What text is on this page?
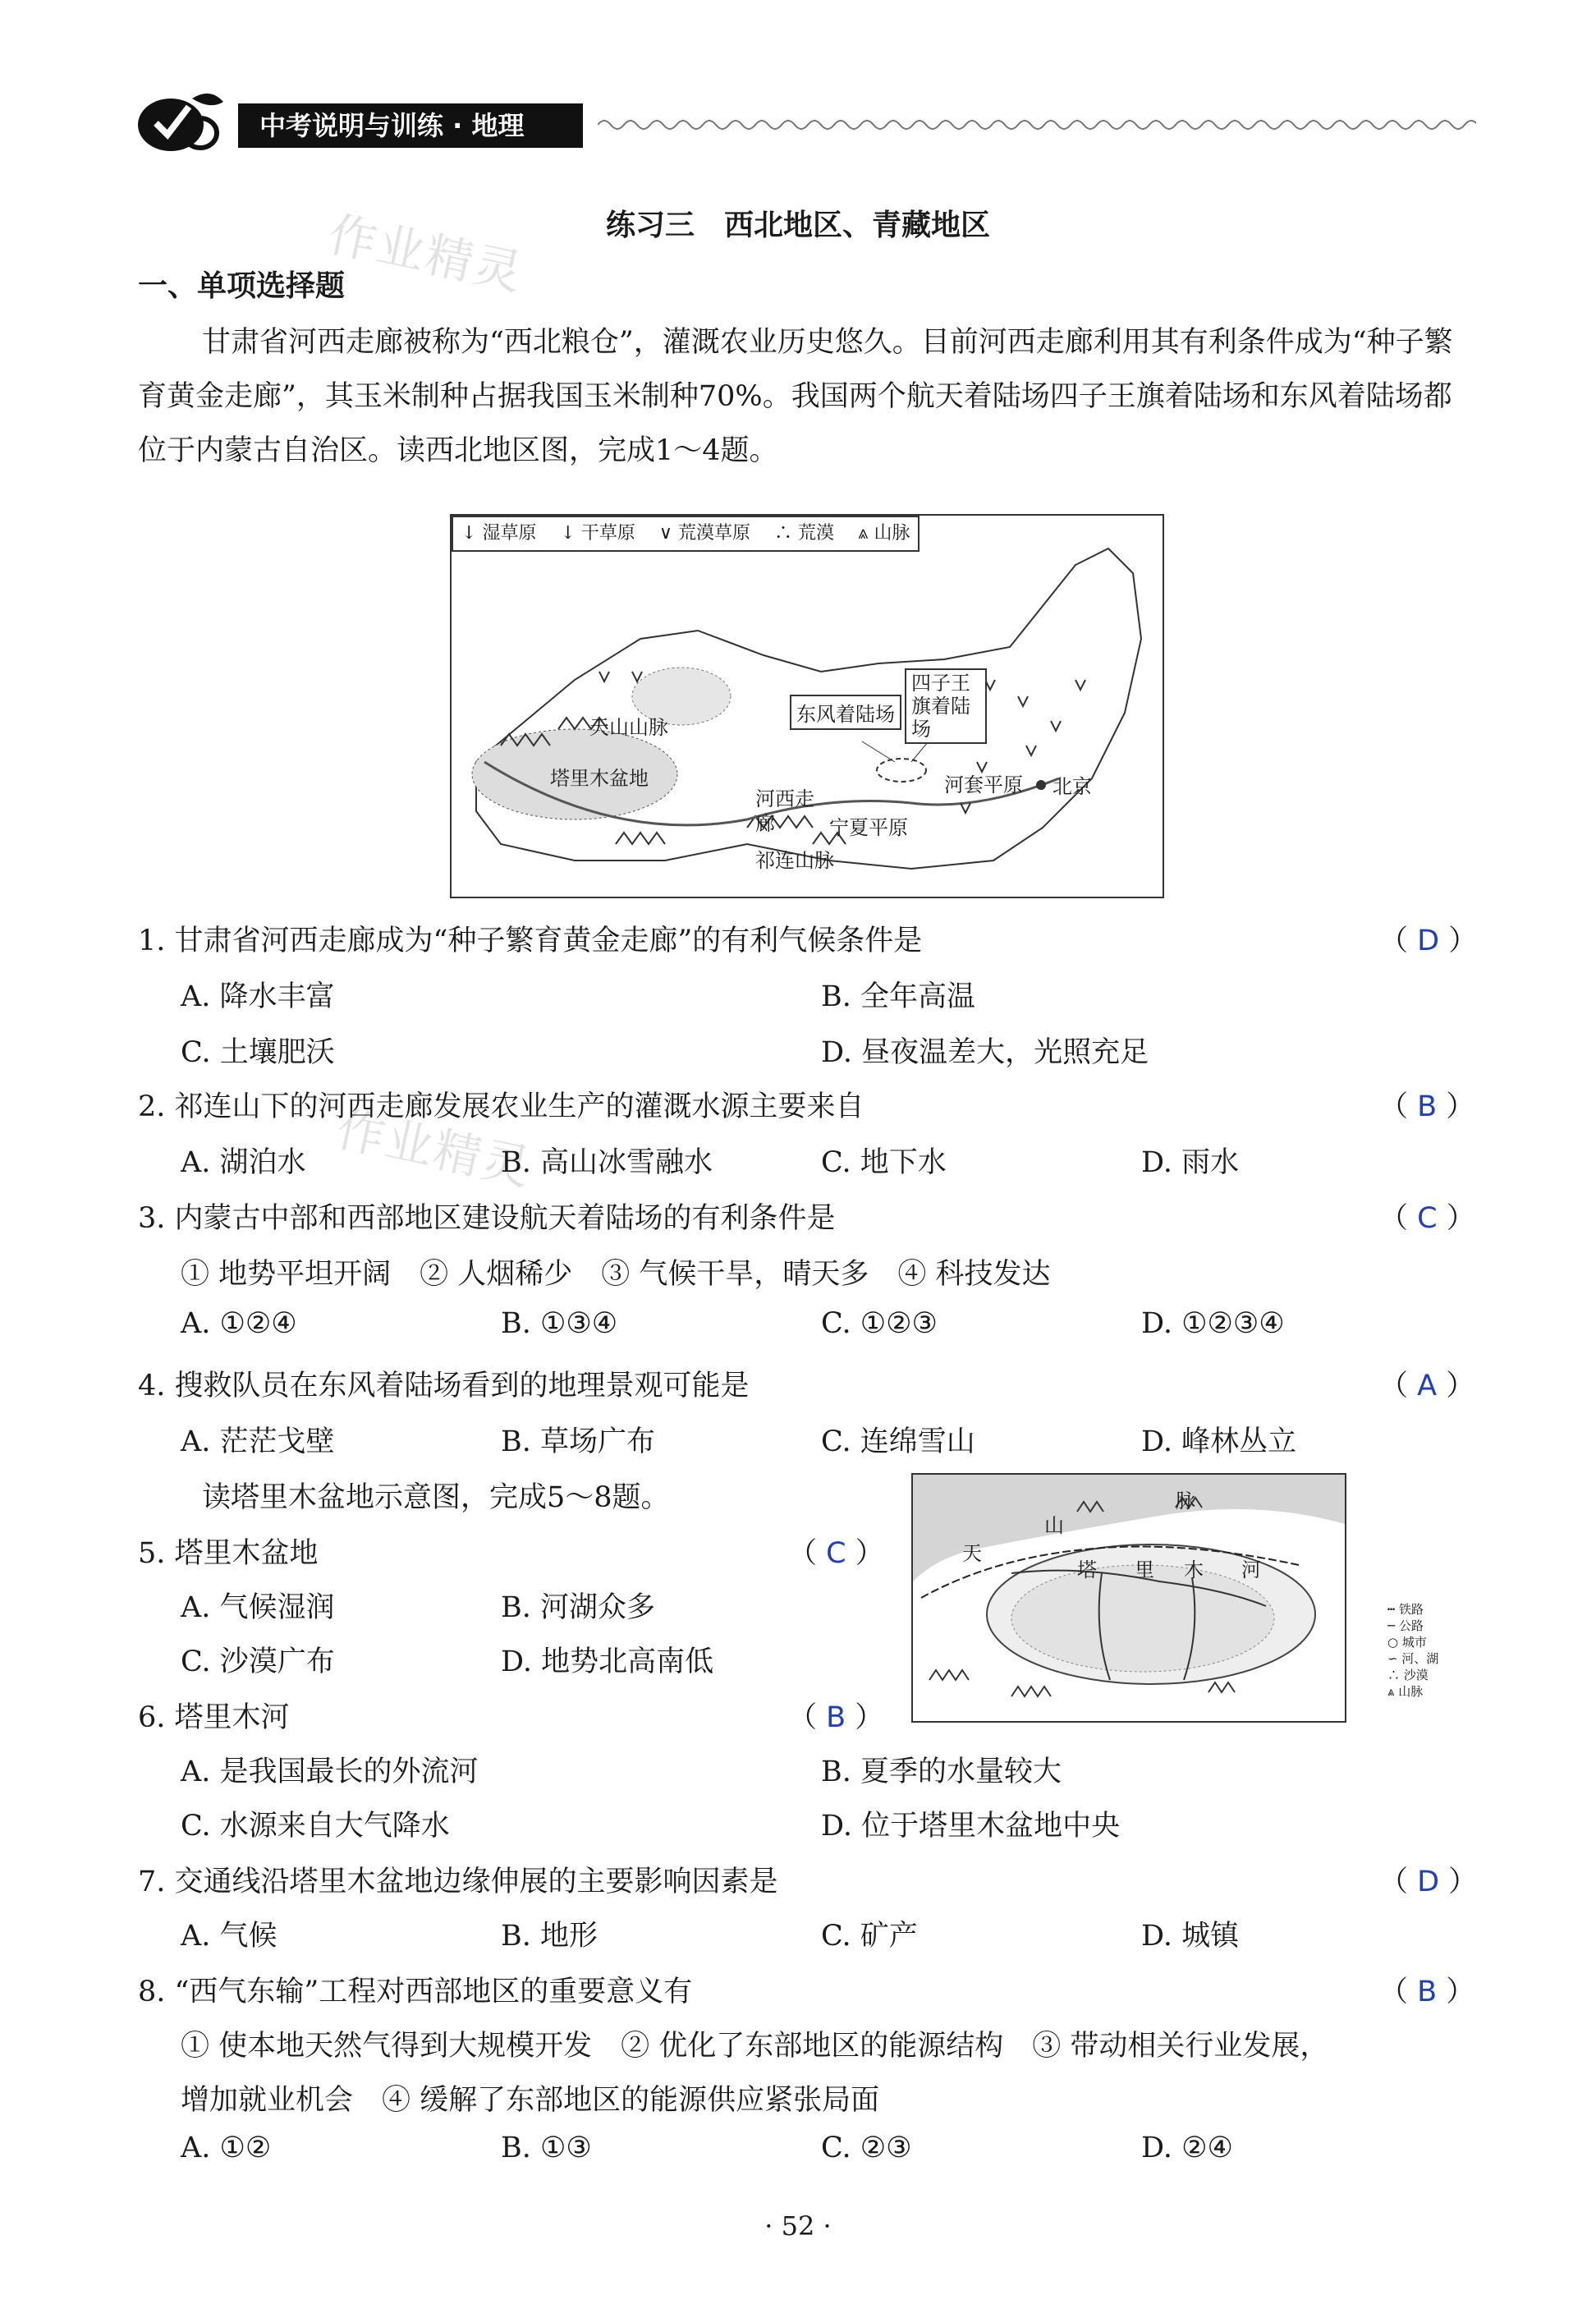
中考说明与训练 · 地理
作业精灵
作业精灵
练习三　西北地区、青藏地区
一、单项选择题
甘肃省河西走廊被称为“西北粮仓”，灌溉农业历史悠久。目前河西走廊利用其有利条件成为“种子繁育黄金走廊”，其玉米制种占据我国玉米制种70%。我国两个航天着陆场四子王旗着陆场和东风着陆场都位于内蒙古自治区。读西北地区图，完成1～4题。
↓ 湿草原 　↓ 干草原 　∨ 荒漠草原 　∴ 荒漠 　⩓ 山脉
天山山脉
塔里木盆地
河西走廊
祁连山脉
宁夏平原
河套平原 北京
东风着陆场
四子王旗着陆场
1. 甘肃省河西走廊成为“种子繁育黄金走廊”的有利气候条件是	（ D ）
A. 降水丰富	B. 全年高温
C. 土壤肥沃	D. 昼夜温差大，光照充足
2. 祁连山下的河西走廊发展农业生产的灌溉水源主要来自	（ B ）
A. 湖泊水	B. 高山冰雪融水	C. 地下水	D. 雨水
3. 内蒙古中部和西部地区建设航天着陆场的有利条件是	（ C ）
① 地势平坦开阔　② 人烟稀少　③ 气候干旱，晴天多　④ 科技发达
A. ①②④	B. ①③④	C. ①②③	D. ①②③④
4. 搜救队员在东风着陆场看到的地理景观可能是	（ A ）
A. 茫茫戈壁	B. 草场广布	C. 连绵雪山	D. 峰林丛立
读塔里木盆地示意图，完成5～8题。
天
山
脉
塔 里 木 河
┅ 铁路
─ 公路
○ 城市
∽ 河、湖
∴ 沙漠
⩓ 山脉
5. 塔里木盆地	（ C ）
A. 气候湿润	B. 河湖众多
C. 沙漠广布	D. 地势北高南低
6. 塔里木河	（ B ）
A. 是我国最长的外流河	B. 夏季的水量较大
C. 水源来自大气降水	D. 位于塔里木盆地中央
7. 交通线沿塔里木盆地边缘伸展的主要影响因素是	（ D ）
A. 气候	B. 地形	C. 矿产	D. 城镇
8. “西气东输”工程对西部地区的重要意义有	（ B ）
① 使本地天然气得到大规模开发　② 优化了东部地区的能源结构　③ 带动相关行业发展，
增加就业机会　④ 缓解了东部地区的能源供应紧张局面
A. ①②	B. ①③	C. ②③	D. ②④
· 52 ·
